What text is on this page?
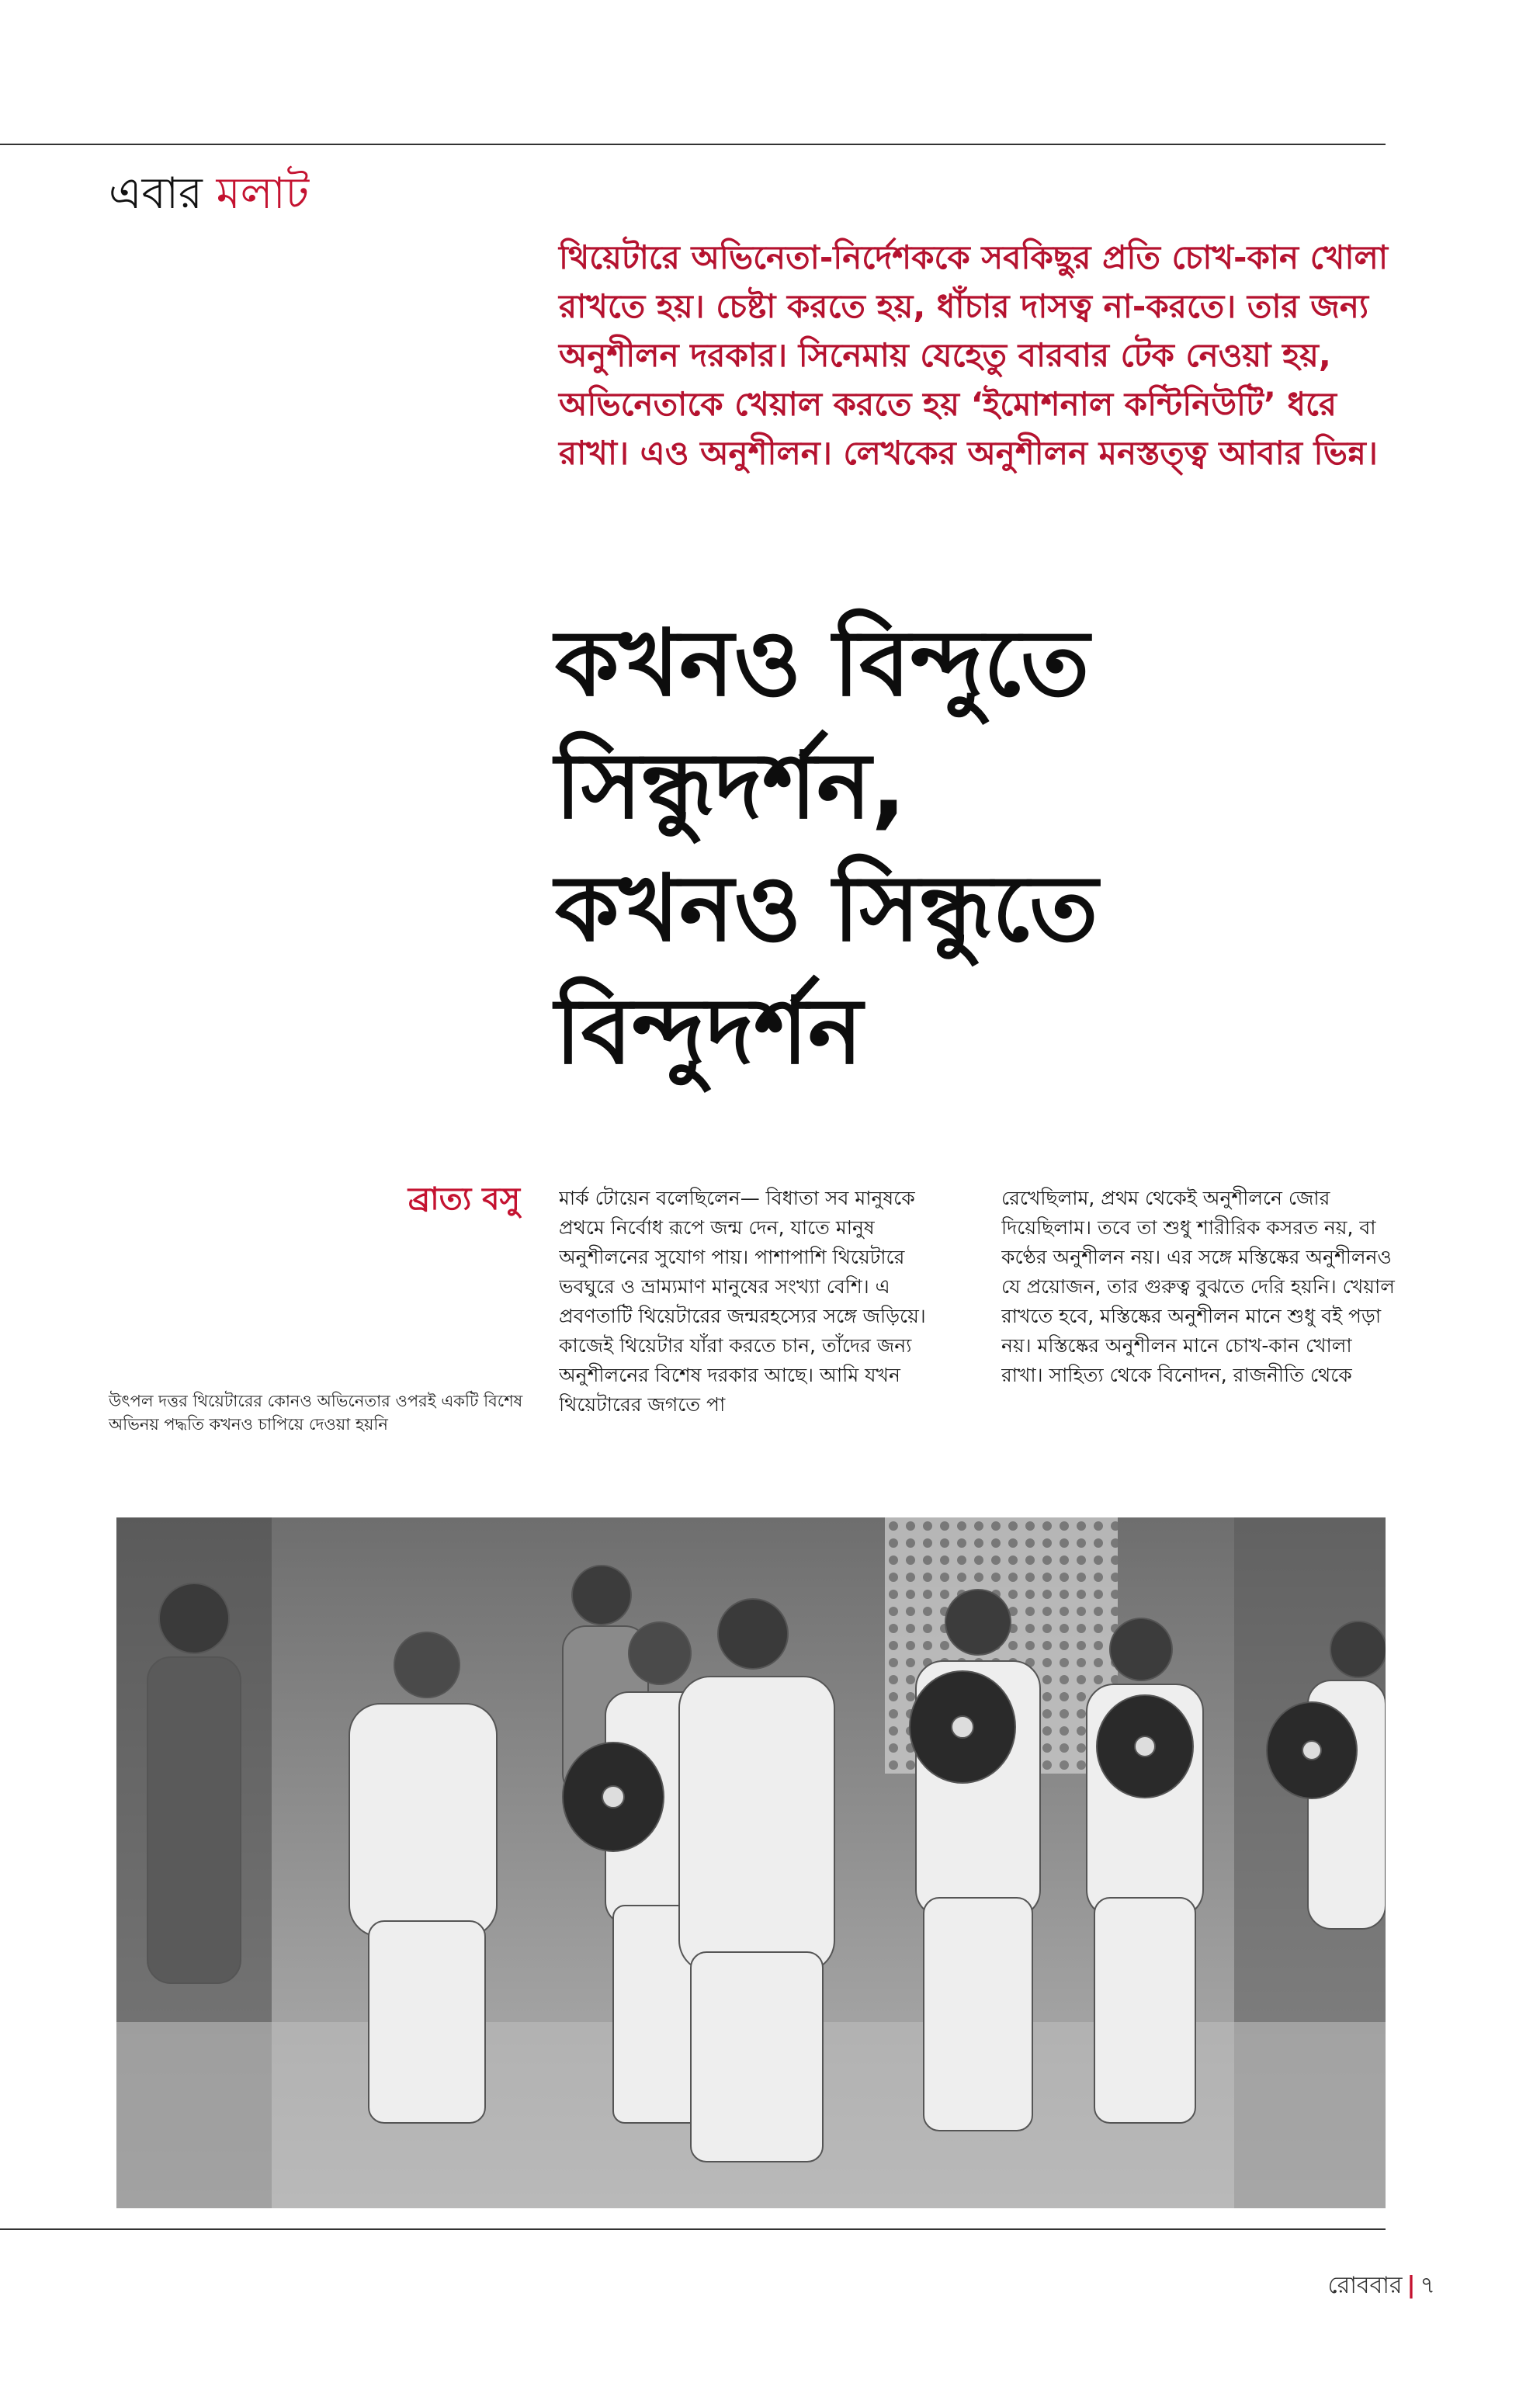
এবার মলাট
থিয়েটারে অভিনেতা-নির্দেশককে সবকিছুর প্রতি চোখ-কান খোলা রাখতে হয়। চেষ্টা করতে হয়, ধাঁচার দাসত্ব না-করতে। তার জন্য অনুশীলন দরকার। সিনেমায় যেহেতু বারবার টেক নেওয়া হয়, অভিনেতাকে খেয়াল করতে হয় ‘ইমোশনাল কন্টিনিউটি’ ধরে রাখা। এও অনুশীলন। লেখকের অনুশীলন মনস্তত্ত্ব আবার ভিন্ন।
কখনও বিন্দুতে
সিন্ধুদর্শন,
কখনও সিন্ধুতে
বিন্দুদর্শন
ব্রাত্য বসু
উৎপল দত্তর থিয়েটারের কোনও অভিনেতার ওপরই একটি বিশেষ অভিনয় পদ্ধতি কখনও চাপিয়ে দেওয়া হয়নি
মার্ক টোয়েন বলেছিলেন— বিধাতা সব মানুষকে প্রথমে নির্বোধ রূপে জন্ম দেন, যাতে মানুষ অনুশীলনের সুযোগ পায়। পাশাপাশি থিয়েটারে ভবঘুরে ও ভ্রাম্যমাণ মানুষের সংখ্যা বেশি। এ প্রবণতাটি থিয়েটারের জন্মরহস্যের সঙ্গে জড়িয়ে। কাজেই থিয়েটার যাঁরা করতে চান, তাঁদের জন্য অনুশীলনের বিশেষ দরকার আছে। আমি যখন থিয়েটারের জগতে পা
রেখেছিলাম, প্রথম থেকেই অনুশীলনে জোর দিয়েছিলাম। তবে তা শুধু শারীরিক কসরত নয়, বা কণ্ঠের অনুশীলন নয়। এর সঙ্গে মস্তিষ্কের অনুশীলনও যে প্রয়োজন, তার গুরুত্ব বুঝতে দেরি হয়নি। খেয়াল রাখতে হবে, মস্তিষ্কের অনুশীলন মানে শুধু বই পড়া নয়। মস্তিষ্কের অনুশীলন মানে চোখ-কান খোলা রাখা। সাহিত্য থেকে বিনোদন, রাজনীতি থেকে
রোববার | ৭
